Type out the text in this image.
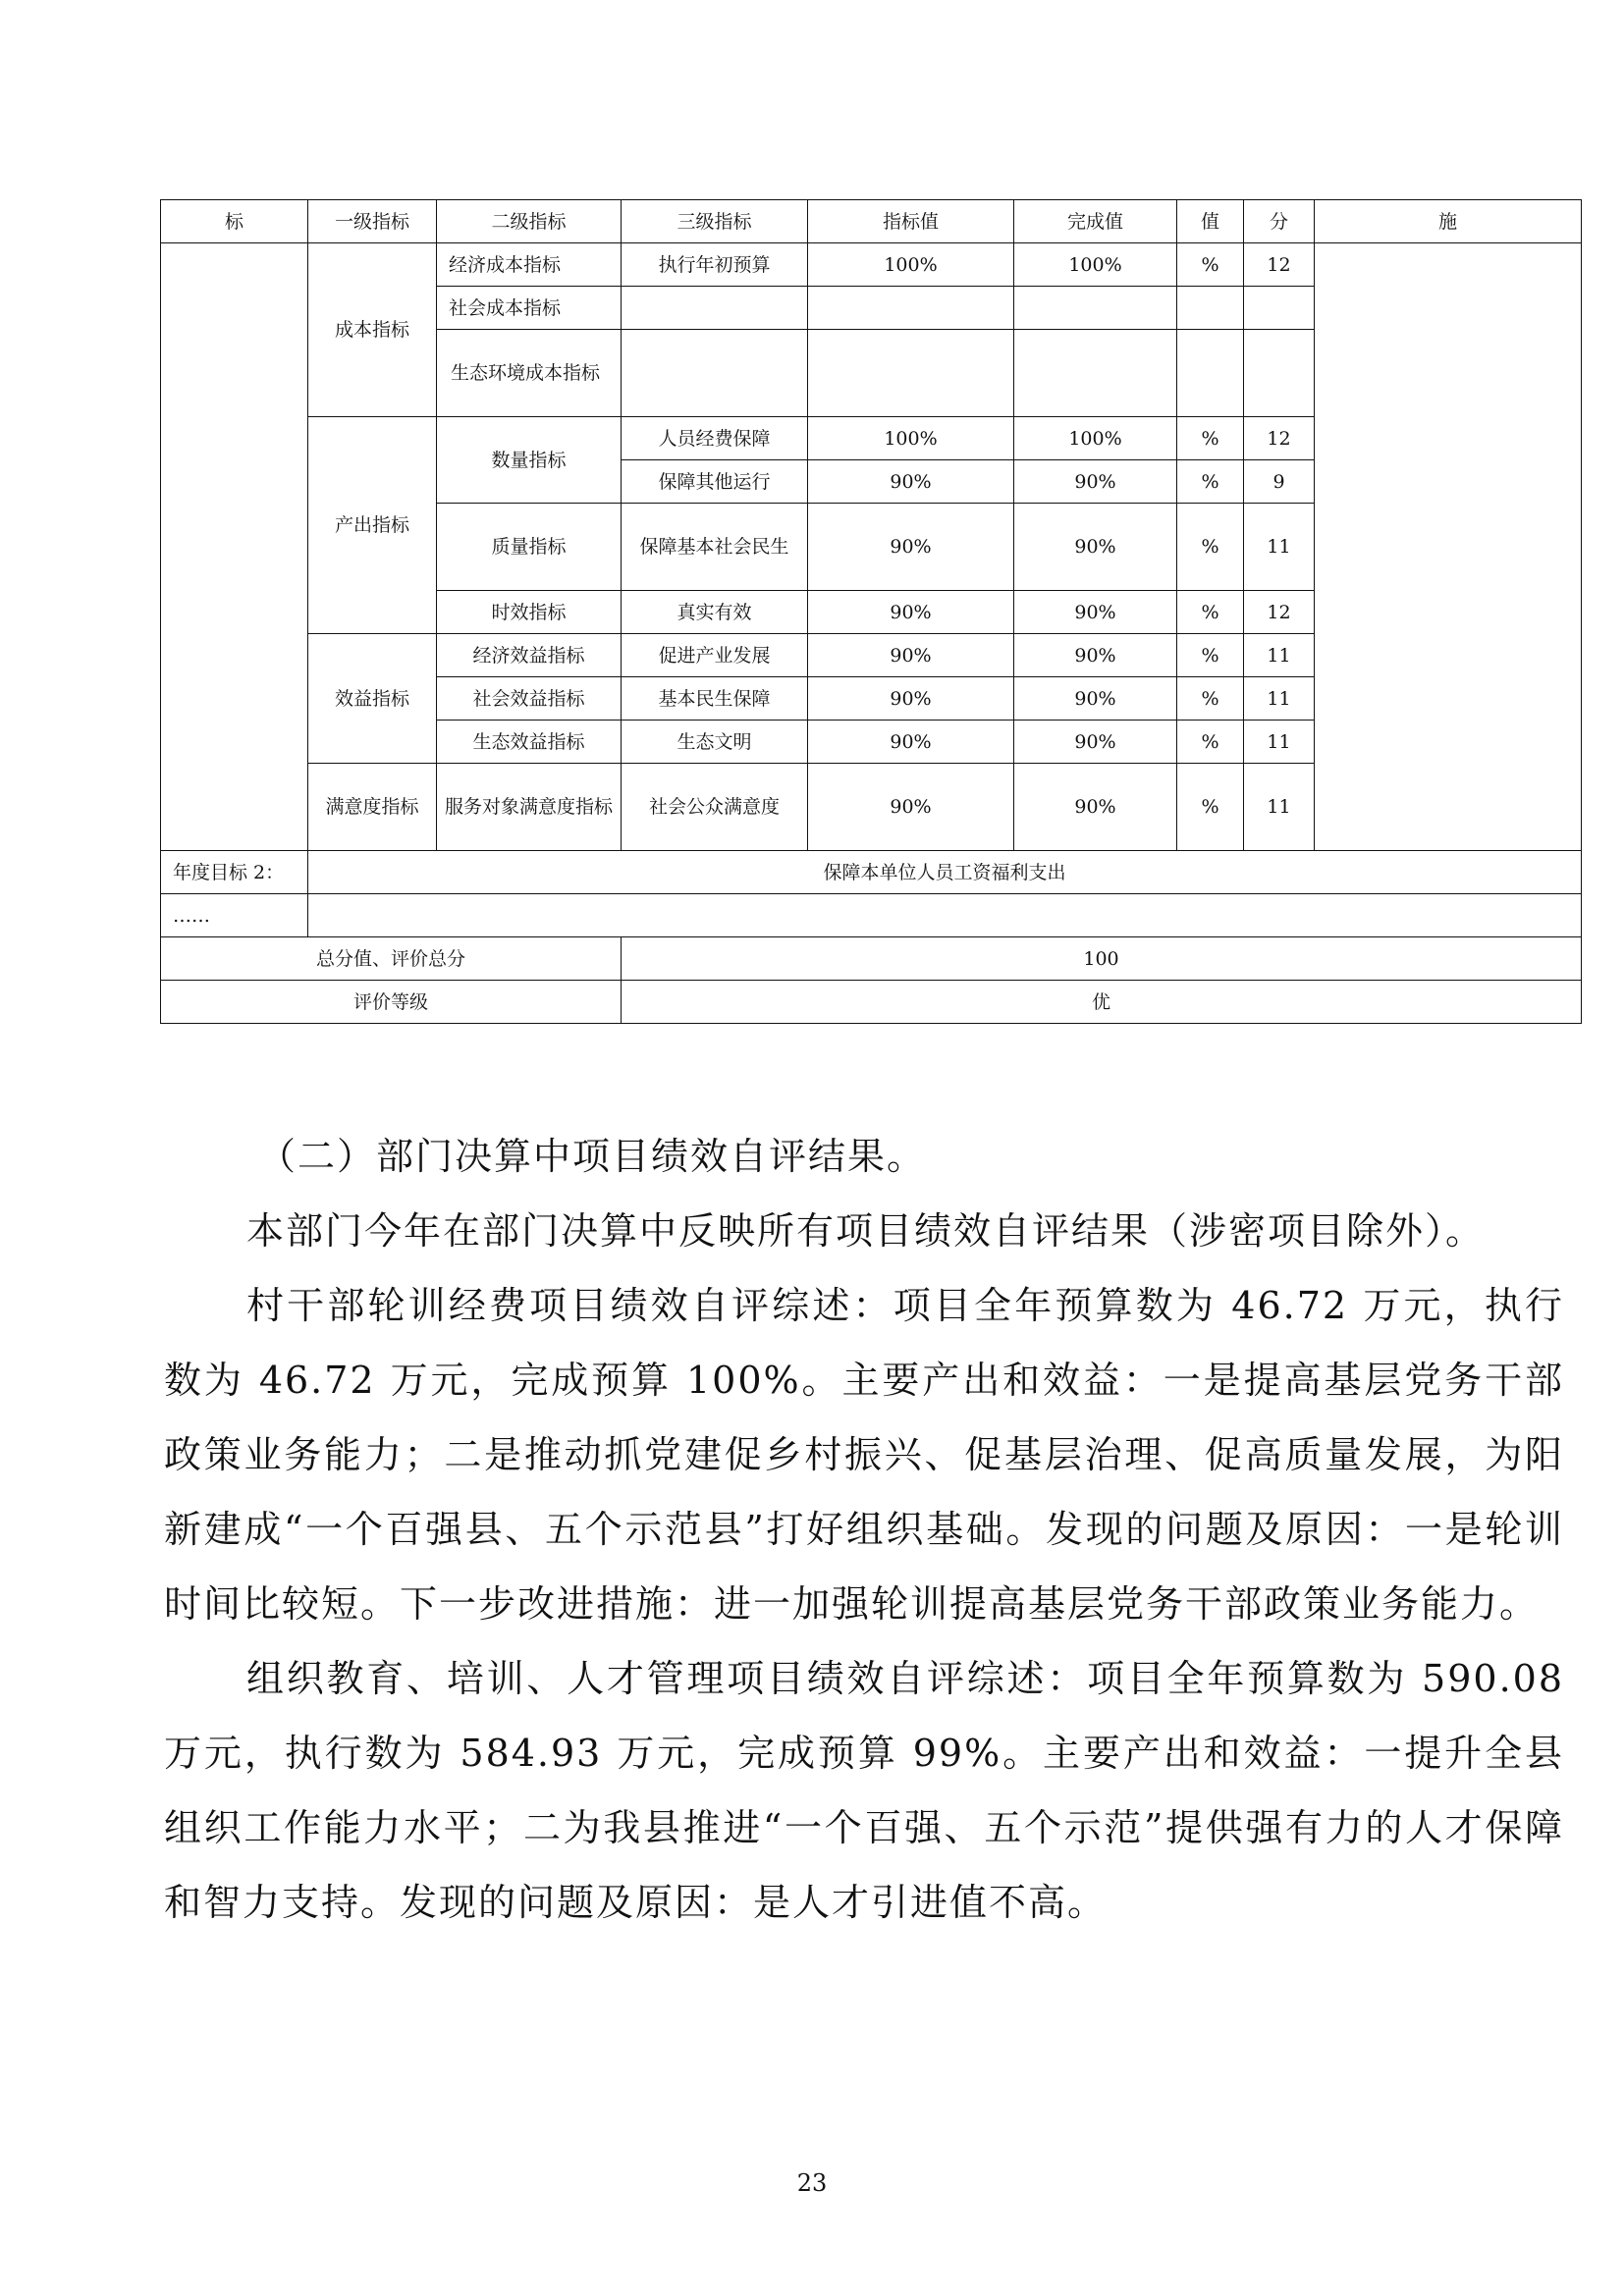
标	一级指标	二级指标	三级指标	指标值	完成值	值	分	施
	成本指标	经济成本指标	执行年初预算	100%	100%	%	12	
		社会成本指标						
		生态环境成本指标						
	产出指标	数量指标	人员经费保障	100%	100%	%	12	
			保障其他运行	90%	90%	%	9	
		质量指标	保障基本社会民生	90%	90%	%	11	
		时效指标	真实有效	90%	90%	%	12	
	效益指标	经济效益指标	促进产业发展	90%	90%	%	11	
		社会效益指标	基本民生保障	90%	90%	%	11	
		生态效益指标	生态文明	90%	90%	%	11	
	满意度指标	服务对象满意度指标	社会公众满意度	90%	90%	%	11	
年度目标 2：	保障本单位人员工资福利支出							
……								
总分值、评价总分			100					
评价等级			优					

（二）部门决算中项目绩效自评结果。

本部门今年在部门决算中反映所有项目绩效自评结果（涉密项目除外）。

村干部轮训经费项目绩效自评综述：项目全年预算数为 46.72 万元，执行数为 46.72 万元，完成预算 100%。主要产出和效益：一是提高基层党务干部政策业务能力；二是推动抓党建促乡村振兴、促基层治理、促高质量发展，为阳新建成“一个百强县、五个示范县”打好组织基础。发现的问题及原因：一是轮训时间比较短。下一步改进措施：进一加强轮训提高基层党务干部政策业务能力。

组织教育、培训、人才管理项目绩效自评综述：项目全年预算数为 590.08 万元，执行数为 584.93 万元，完成预算 99%。主要产出和效益：一提升全县组织工作能力水平；二为我县推进“一个百强、五个示范”提供强有力的人才保障和智力支持。发现的问题及原因：是人才引进值不高。

23
